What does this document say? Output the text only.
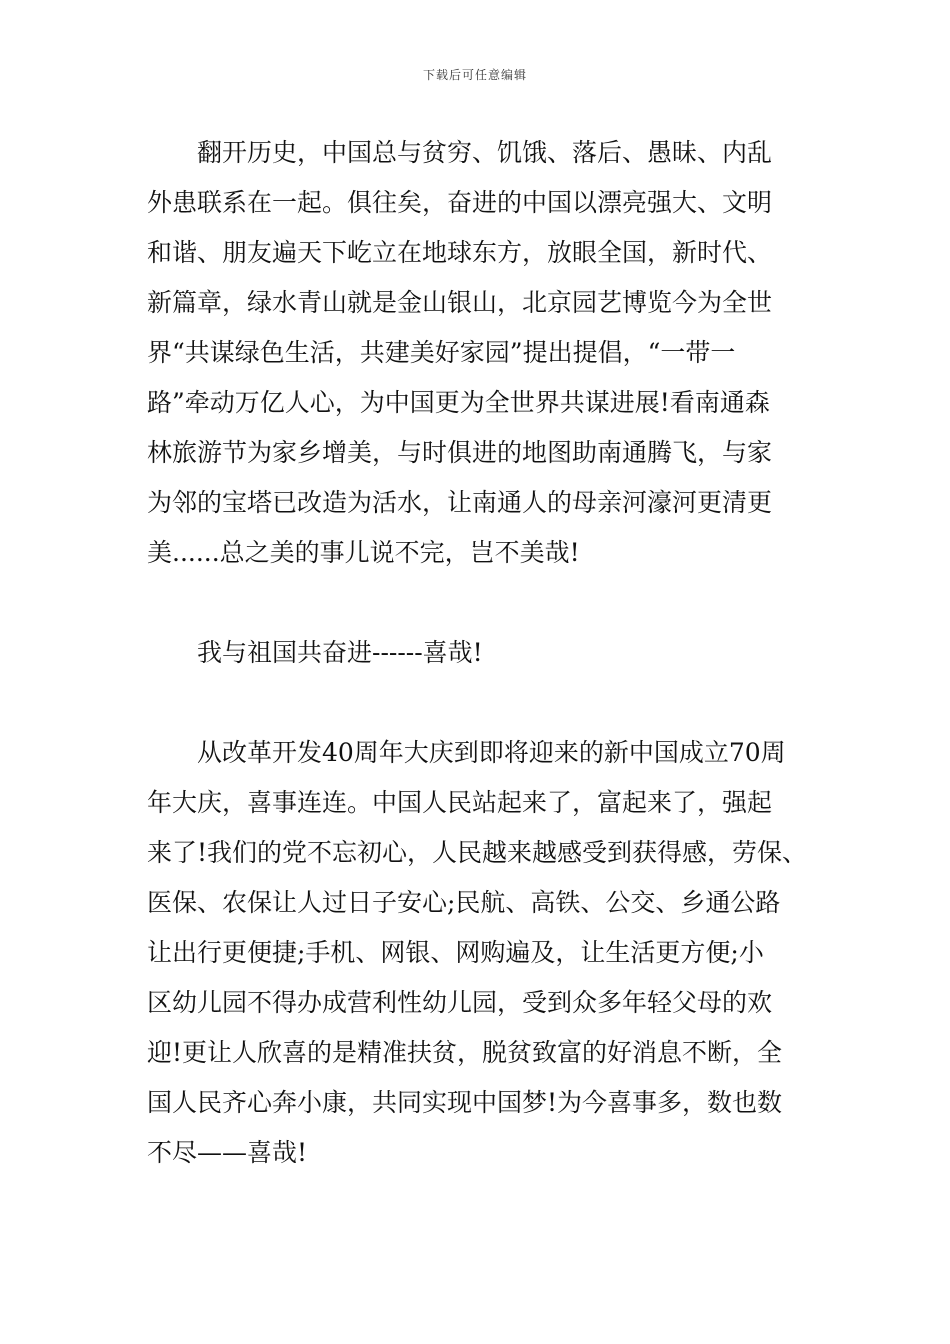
下载后可任意编辑
翻开历史，中国总与贫穷、饥饿、落后、愚昧、内乱
外患联系在一起。俱往矣，奋进的中国以漂亮强大、文明
和谐、朋友遍天下屹立在地球东方，放眼全国，新时代、
新篇章，绿水青山就是金山银山，北京园艺博览今为全世
界“共谋绿色生活，共建美好家园”提出提倡，“一带一
路”牵动万亿人心，为中国更为全世界共谋进展!看南通森
林旅游节为家乡增美，与时俱进的地图助南通腾飞，与家
为邻的宝塔已改造为活水，让南通人的母亲河濠河更清更
美......总之美的事儿说不完，岂不美哉!
我与祖国共奋进------喜哉!
从改革开发40周年大庆到即将迎来的新中国成立70周
年大庆，喜事连连。中国人民站起来了，富起来了，强起
来了!我们的党不忘初心，人民越来越感受到获得感，劳保、
医保、农保让人过日子安心;民航、高铁、公交、乡通公路
让出行更便捷;手机、网银、网购遍及，让生活更方便;小
区幼儿园不得办成营利性幼儿园，受到众多年轻父母的欢
迎!更让人欣喜的是精准扶贫，脱贫致富的好消息不断，全
国人民齐心奔小康，共同实现中国梦!为今喜事多，数也数
不尽——喜哉!
